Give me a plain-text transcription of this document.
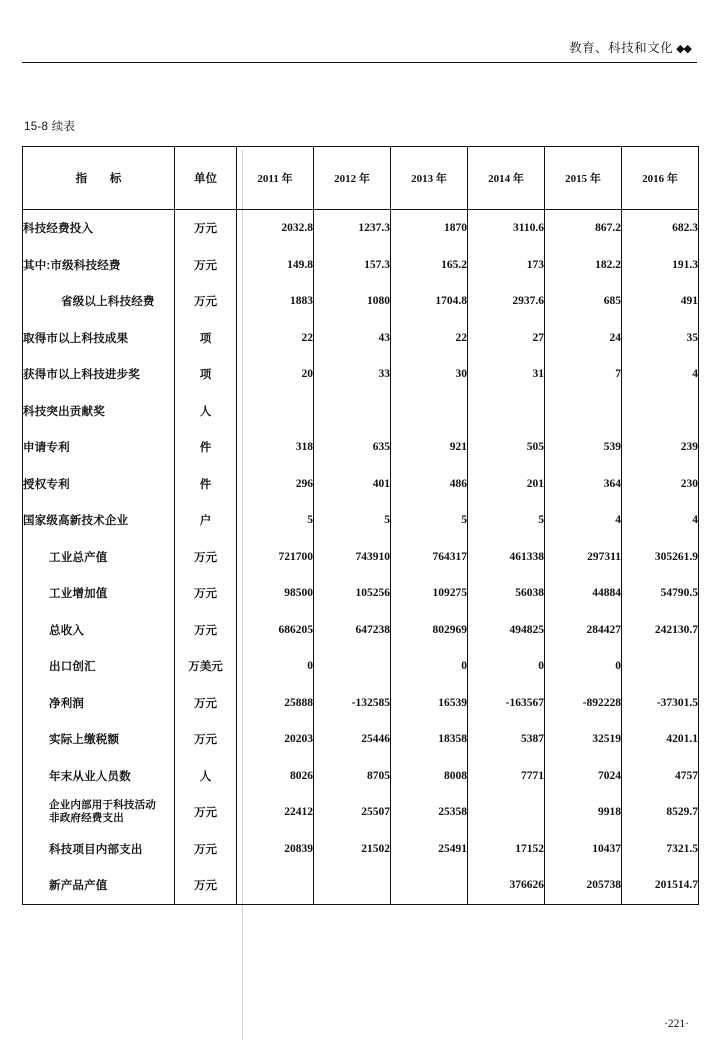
教育、科技和文化 ◆◆
15-8 续表
指 标	单位	2011 年	2012 年	2013 年	2014 年	2015 年	2016 年
科技经费投入	万元	2032.8	1237.3	1870	3110.6	867.2	682.3
其中:市级科技经费	万元	149.8	157.3	165.2	173	182.2	191.3
省级以上科技经费	万元	1883	1080	1704.8	2937.6	685	491
取得市以上科技成果	项	22	43	22	27	24	35
获得市以上科技进步奖	项	20	33	30	31	7	4
科技突出贡献奖	人						
申请专利	件	318	635	921	505	539	239
授权专利	件	296	401	486	201	364	230
国家级高新技术企业	户	5	5	5	5	4	4
工业总产值	万元	721700	743910	764317	461338	297311	305261.9
工业增加值	万元	98500	105256	109275	56038	44884	54790.5
总收入	万元	686205	647238	802969	494825	284427	242130.7
出口创汇	万美元	0		0	0	0	
净利润	万元	25888	-132585	16539	-163567	-892228	-37301.5
实际上缴税额	万元	20203	25446	18358	5387	32519	4201.1
年末从业人员数	人	8026	8705	8008	7771	7024	4757

企业内部用于科技活动
非政府经费支出	万元	22412	25507	25358		9918	8529.7
科技项目内部支出	万元	20839	21502	25491	17152	10437	7321.5
新产品产值	万元				376626	205738	201514.7
·221·
